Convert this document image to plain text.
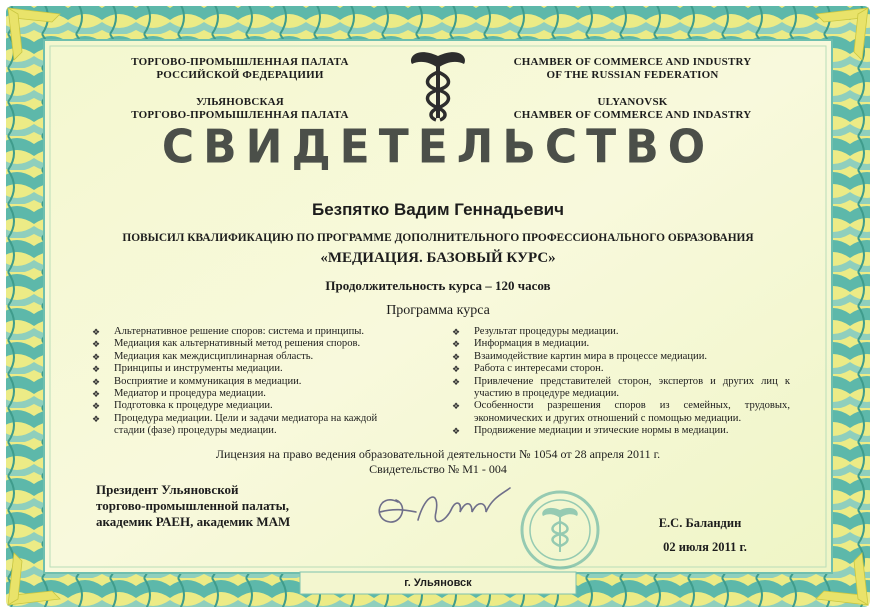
ТОРГОВО-ПРОМЫШЛЕННАЯ ПАЛАТА
РОССИЙСКОЙ ФЕДЕРАЦИИИ
УЛЬЯНОВСКАЯ
ТОРГОВО-ПРОМЫШЛЕННАЯ ПАЛАТА
CHAMBER OF COMMERCE AND INDUSTRY
OF THE RUSSIAN FEDERATION
ULYANOVSK
CHAMBER OF COMMERCE AND INDASTRY
СВИДЕТЕЛЬСТВО
Безпятко Вадим Геннадьевич
ПОВЫСИЛ КВАЛИФИКАЦИЮ ПО ПРОГРАММЕ ДОПОЛНИТЕЛЬНОГО ПРОФЕССИОНАЛЬНОГО ОБРАЗОВАНИЯ
«МЕДИАЦИЯ. БАЗОВЫЙ КУРС»
Продолжительность курса – 120 часов
Программа курса
❖ Альтернативное решение споров: система и принципы.
❖ Медиация как альтернативный метод решения споров.
❖ Медиация как междисциплинарная область.
❖ Принципы и инструменты медиации.
❖ Восприятие и коммуникация в медиации.
❖ Медиатор и процедура медиации.
❖ Подготовка к процедуре медиации.
❖ Процедура медиации. Цели и задачи медиатора на каждой стадии (фазе) процедуры медиации.
❖ Результат процедуры медиации.
❖ Информация в медиации.
❖ Взаимодействие картин мира в процессе медиации.
❖ Работа с интересами сторон.
❖ Привлечение представителей сторон, экспертов и других лиц к участию в процедуре медиации.
❖ Особенности разрешения споров из семейных, трудовых, экономических и других отношений с помощью медиации.
❖ Продвижение медиации и этические нормы в медиации.
Лицензия на право ведения образовательной деятельности № 1054 от 28 апреля 2011 г.
Свидетельство № М1 - 004
Президент Ульяновской
торгово-промышленной палаты,
академик РАЕН, академик МАМ	Е.С. Баландин
02 июля 2011 г.
г. Ульяновск
